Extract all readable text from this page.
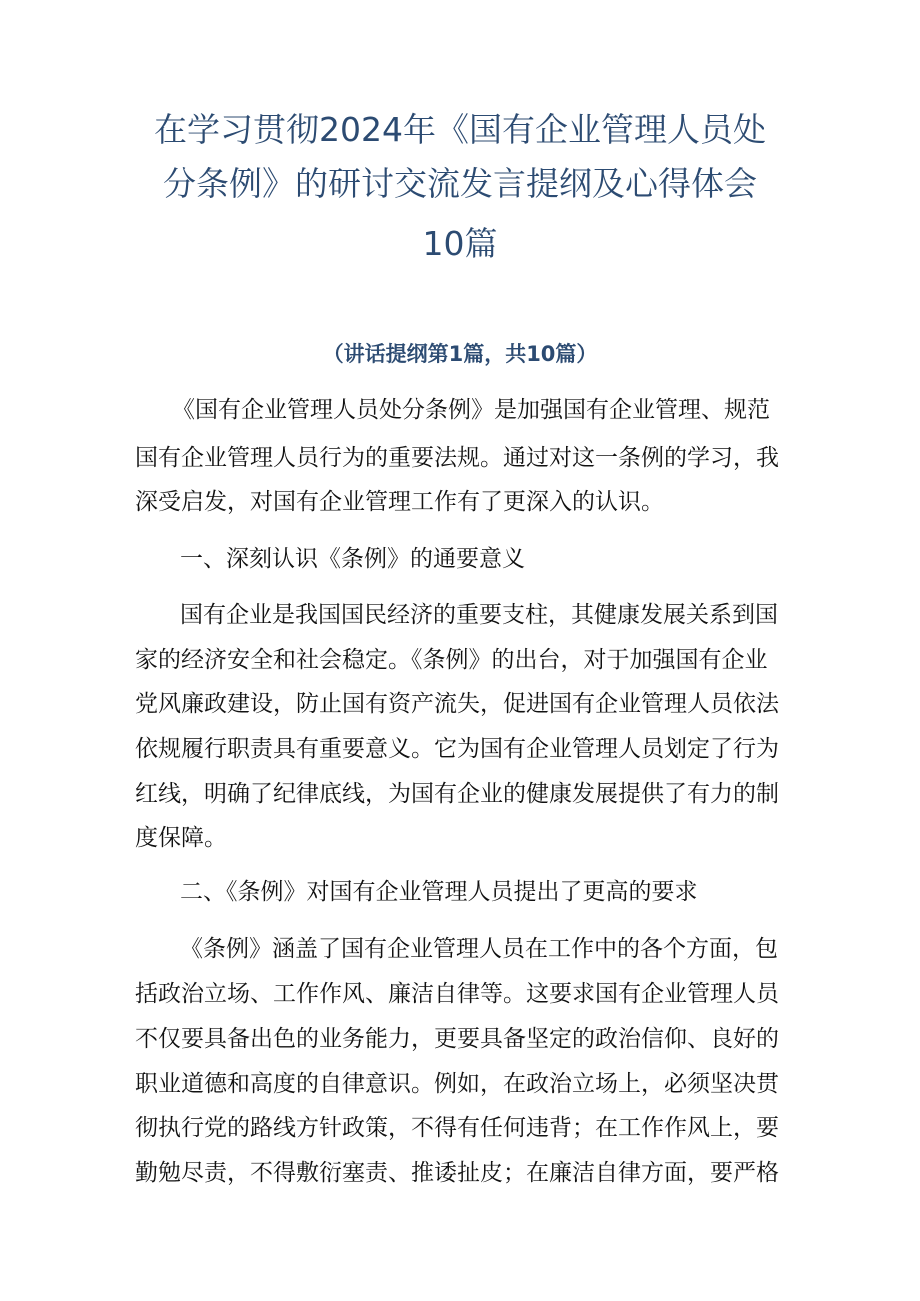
在学习贯彻2024年《国有企业管理人员处
分条例》的研讨交流发言提纲及心得体会
10篇
（讲话提纲第1篇，共10篇）
《国有企业管理人员处分条例》是加强国有企业管理、规范
国有企业管理人员行为的重要法规。通过对这一条例的学习，我
深受启发，对国有企业管理工作有了更深入的认识。
一、深刻认识《条例》的通要意义
国有企业是我国国民经济的重要支柱，其健康发展关系到国
家的经济安全和社会稳定。《条例》的出台，对于加强国有企业
党风廉政建设，防止国有资产流失，促进国有企业管理人员依法
依规履行职责具有重要意义。它为国有企业管理人员划定了行为
红线，明确了纪律底线，为国有企业的健康发展提供了有力的制
度保障。
二、《条例》对国有企业管理人员提出了更高的要求
《条例》涵盖了国有企业管理人员在工作中的各个方面，包
括政治立场、工作作风、廉洁自律等。这要求国有企业管理人员
不仅要具备出色的业务能力，更要具备坚定的政治信仰、良好的
职业道德和高度的自律意识。例如，在政治立场上，必须坚决贯
彻执行党的路线方针政策，不得有任何违背；在工作作风上，要
勤勉尽责，不得敷衍塞责、推诿扯皮；在廉洁自律方面，要严格
